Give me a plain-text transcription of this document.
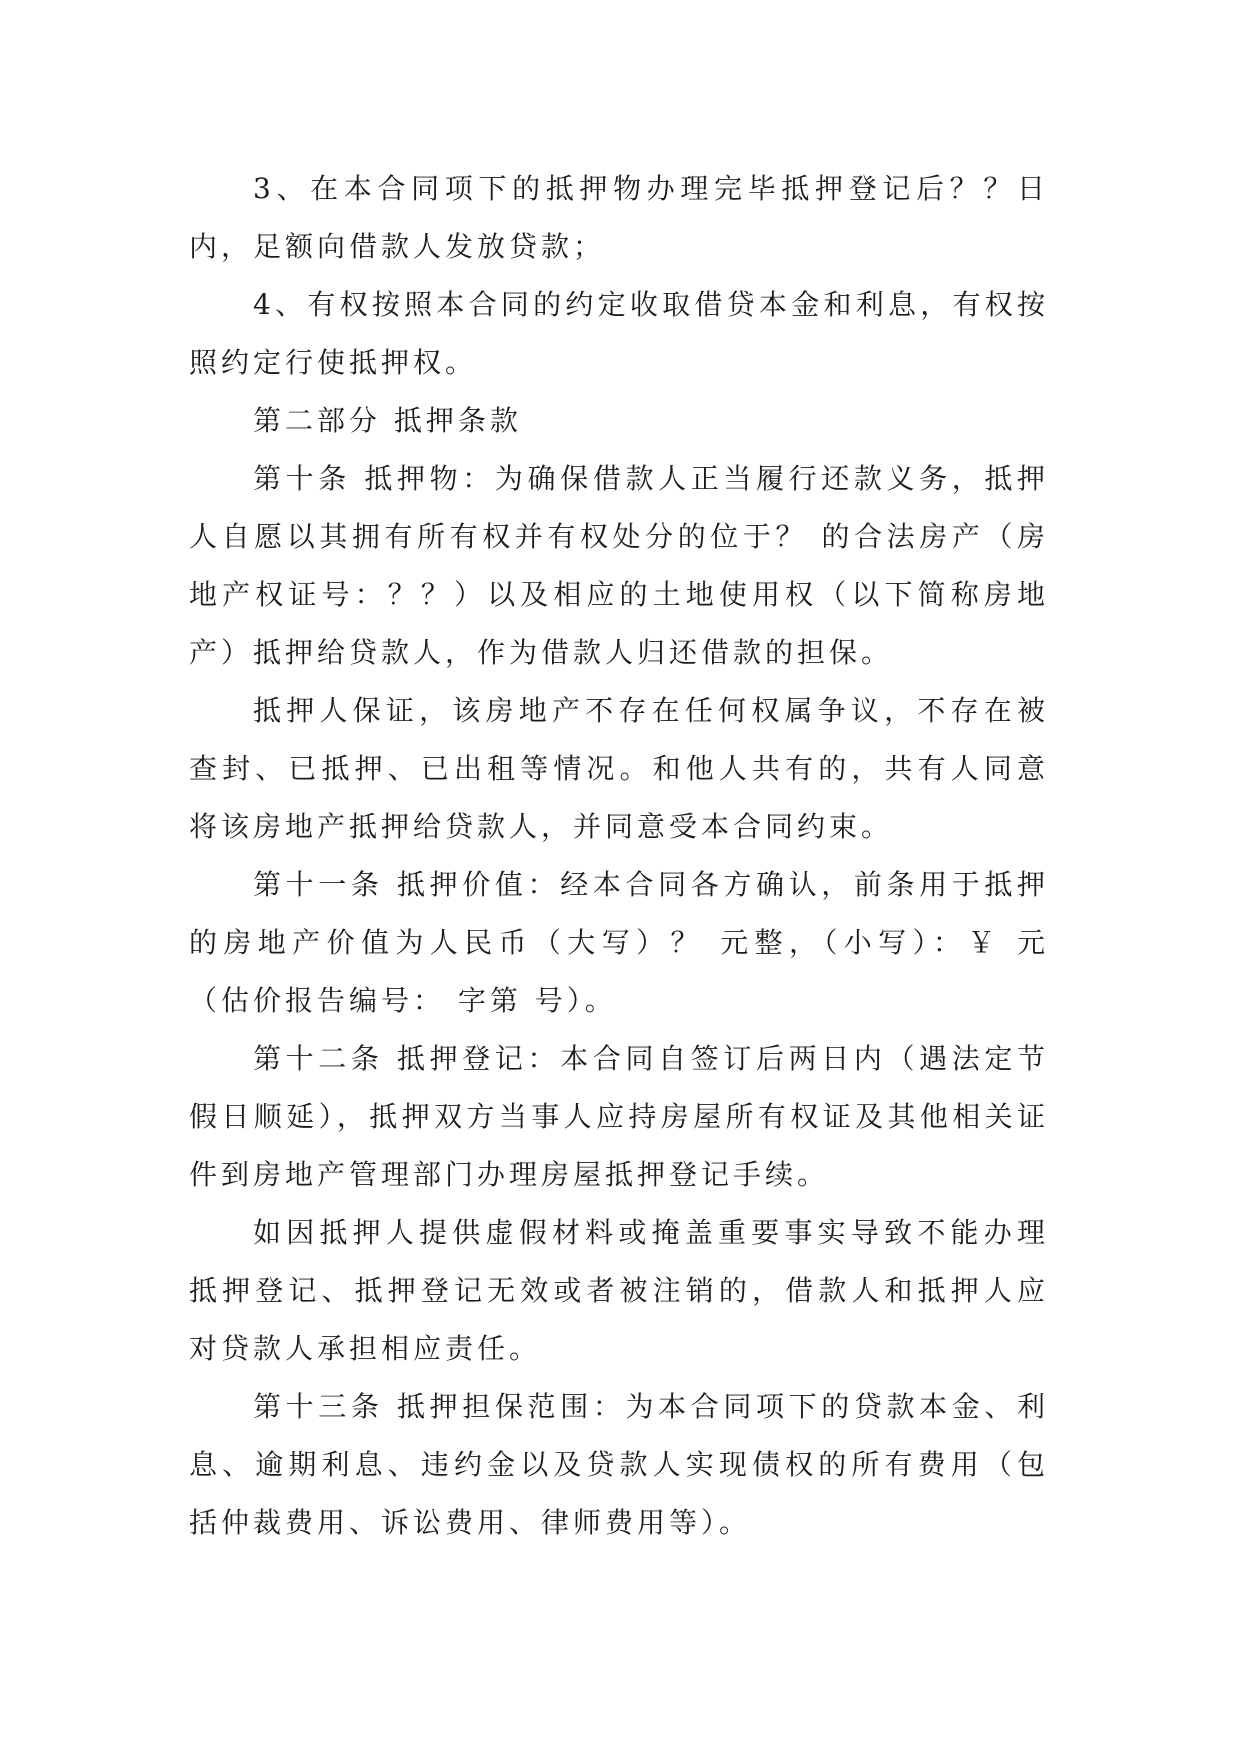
3、在本合同项下的抵押物办理完毕抵押登记后？？日内，足额向借款人发放贷款；

4、有权按照本合同的约定收取借贷本金和利息，有权按照约定行使抵押权。

第二部分 抵押条款

第十条 抵押物：为确保借款人正当履行还款义务，抵押人自愿以其拥有所有权并有权处分的位于？ 的合法房产（房地产权证号：？？）以及相应的土地使用权（以下简称房地产）抵押给贷款人，作为借款人归还借款的担保。

抵押人保证，该房地产不存在任何权属争议，不存在被查封、已抵押、已出租等情况。和他人共有的，共有人同意将该房地产抵押给贷款人，并同意受本合同约束。

第十一条 抵押价值：经本合同各方确认，前条用于抵押的房地产价值为人民币（大写）？ 元整，（小写）：￥ 元（估价报告编号： 字第 号）。

第十二条 抵押登记：本合同自签订后两日内（遇法定节假日顺延），抵押双方当事人应持房屋所有权证及其他相关证件到房地产管理部门办理房屋抵押登记手续。

如因抵押人提供虚假材料或掩盖重要事实导致不能办理抵押登记、抵押登记无效或者被注销的，借款人和抵押人应对贷款人承担相应责任。

第十三条 抵押担保范围：为本合同项下的贷款本金、利息、逾期利息、违约金以及贷款人实现债权的所有费用（包括仲裁费用、诉讼费用、律师费用等）。
